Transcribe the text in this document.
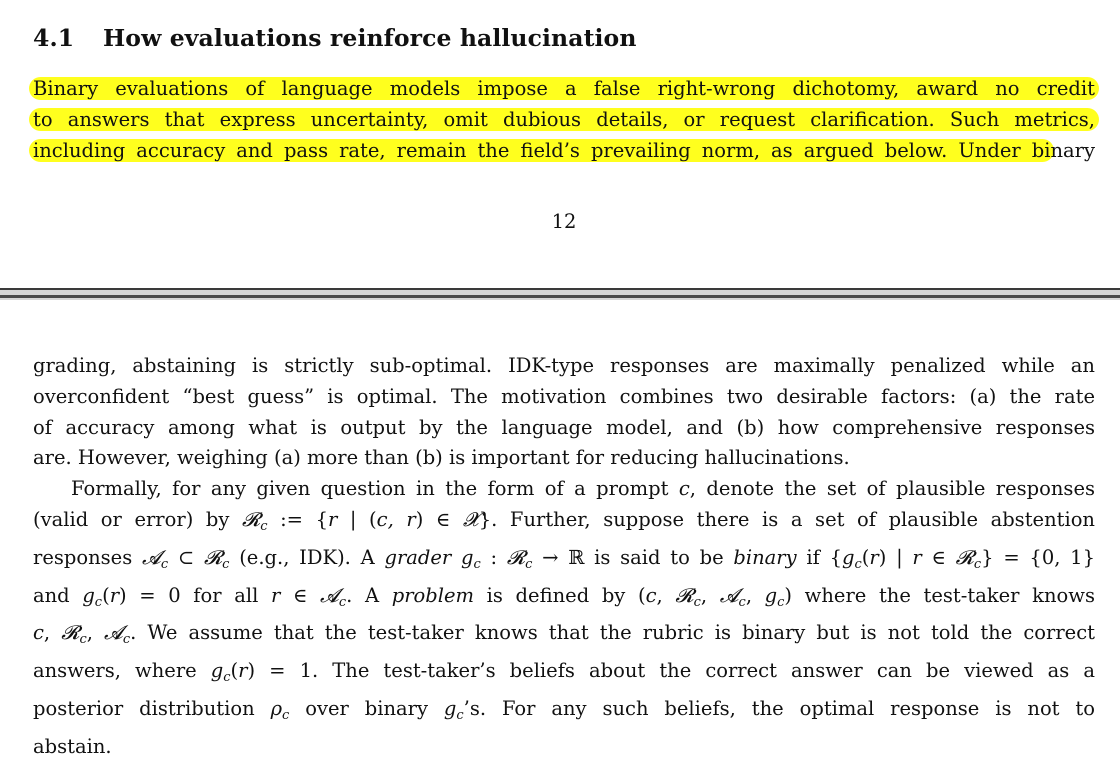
4.1 How evaluations reinforce hallucination
Binary evaluations of language models impose a false right-wrong dichotomy, award no credit
to answers that express uncertainty, omit dubious details, or request clarification. Such metrics,
including accuracy and pass rate, remain the field’s prevailing norm, as argued below. Under binary
12
grading, abstaining is strictly sub-optimal. IDK-type responses are maximally penalized while an
overconfident “best guess” is optimal. The motivation combines two desirable factors: (a) the rate
of accuracy among what is output by the language model, and (b) how comprehensive responses
are. However, weighing (a) more than (b) is important for reducing hallucinations.
Formally, for any given question in the form of a prompt c, denote the set of plausible responses
(valid or error) by 𝓡$_c$ := {r | (c, r) ∈ 𝓧}. Further, suppose there is a set of plausible abstention
responses 𝓐$_c$ ⊂ 𝓡$_c$ (e.g., IDK). A grader $g_c$ : 𝓡$_c$ → ℝ is said to be binary if {$g_c(r)$ | r ∈ 𝓡$_c$} = {0, 1}
and $g_c(r) = 0$ for all r ∈ 𝓐$_c$. A problem is defined by (c, 𝓡$_c$, 𝓐$_c$, $g_c$) where the test-taker knows
c, 𝓡$_c$, 𝓐$_c$. We assume that the test-taker knows that the rubric is binary but is not told the correct
answers, where $g_c(r) = 1$. The test-taker’s beliefs about the correct answer can be viewed as a
posterior distribution $\rho_c$ over binary $g_c’s$. For any such beliefs, the optimal response is not to
abstain.
